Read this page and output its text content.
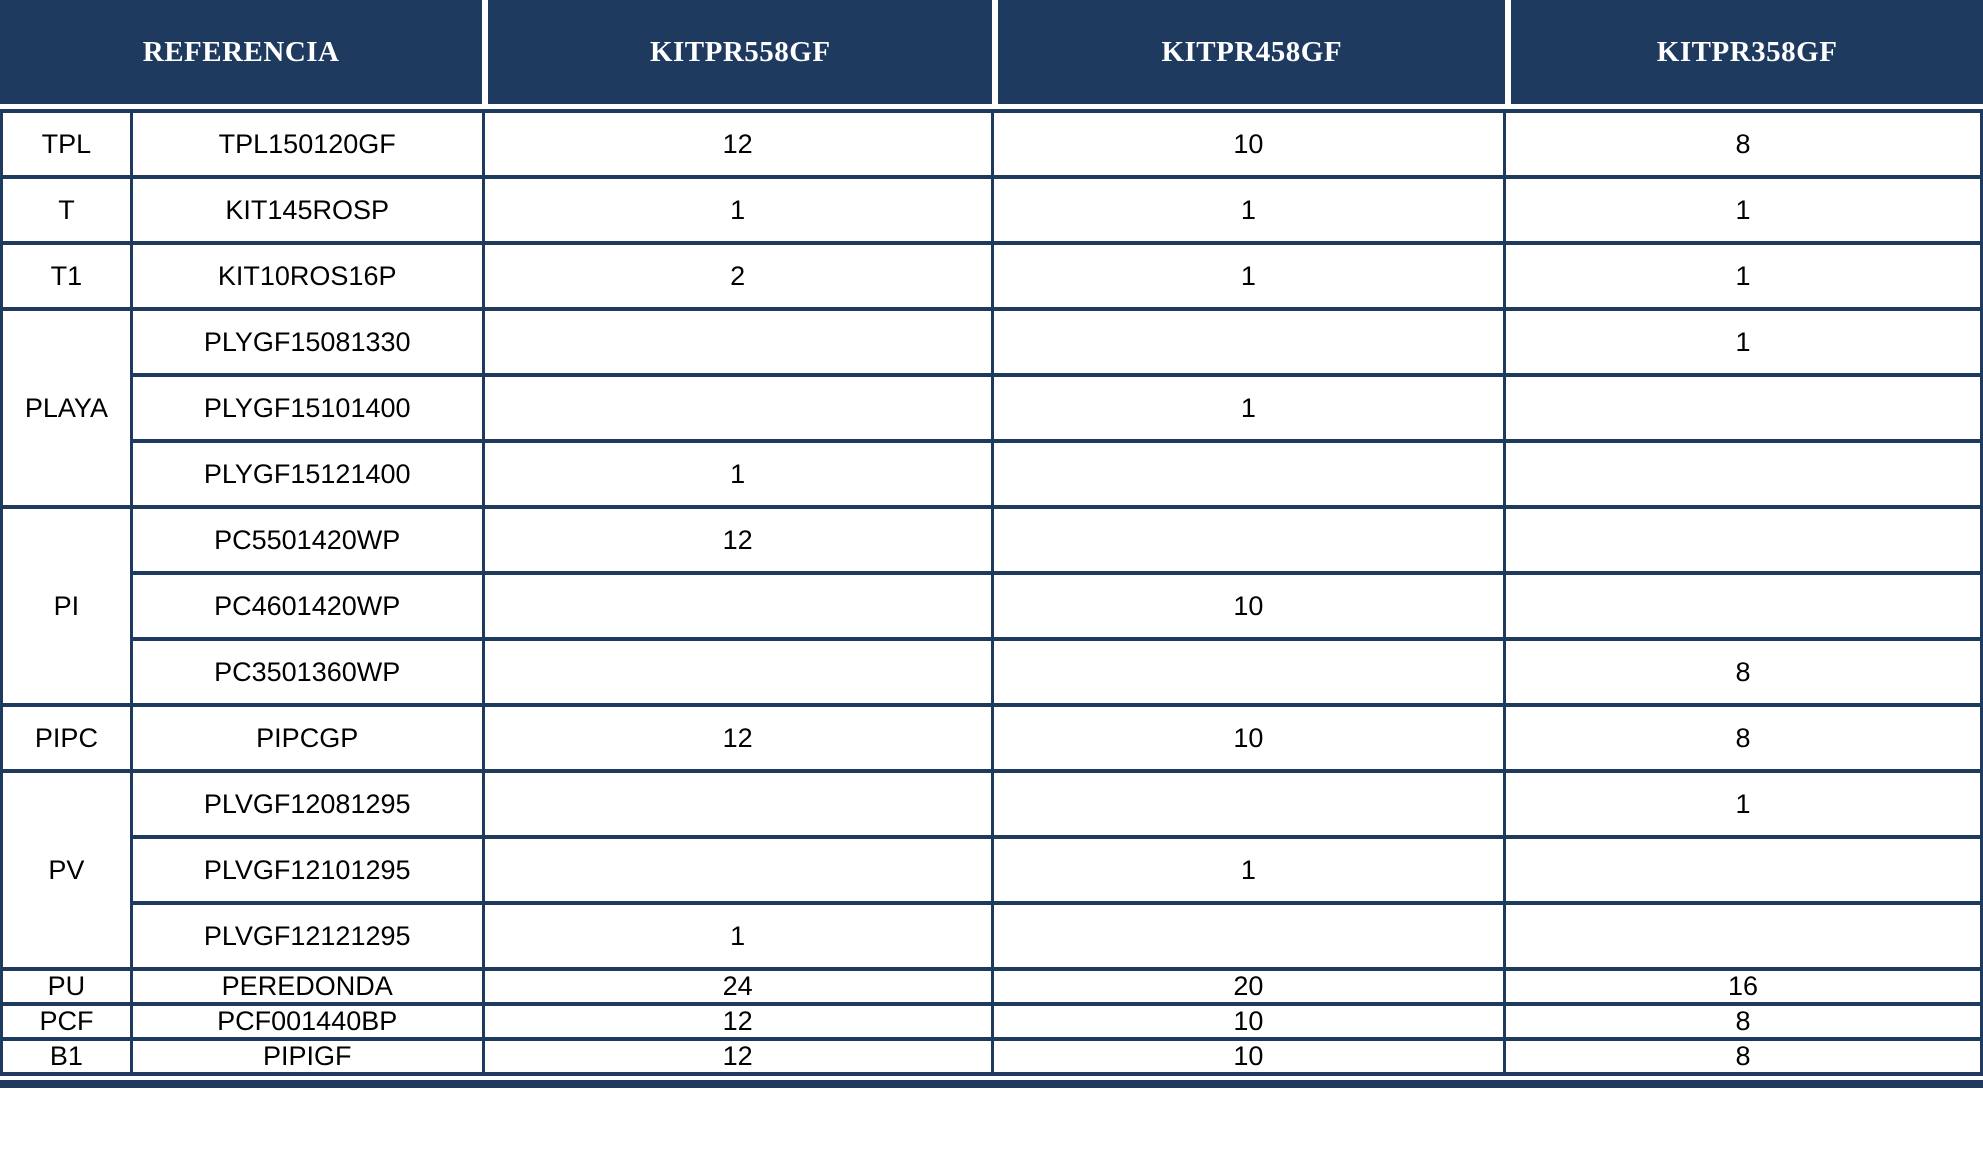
REFERENCIA	KITPR558GF	KITPR458GF	KITPR358GF
TPL	TPL150120GF	12	10	8
T	KIT145ROSP	1	1	1
T1	KIT10ROS16P	2	1	1
PLAYA	PLYGF15081330			1
	PLYGF15101400		1	
	PLYGF15121400	1		
PI	PC5501420WP	12		
	PC4601420WP		10	
	PC3501360WP			8
PIPC	PIPCGP	12	10	8
PV	PLVGF12081295			1
	PLVGF12101295		1	
	PLVGF12121295	1		
PU	PEREDONDA	24	20	16
PCF	PCF001440BP	12	10	8
B1	PIPIGF	12	10	8
